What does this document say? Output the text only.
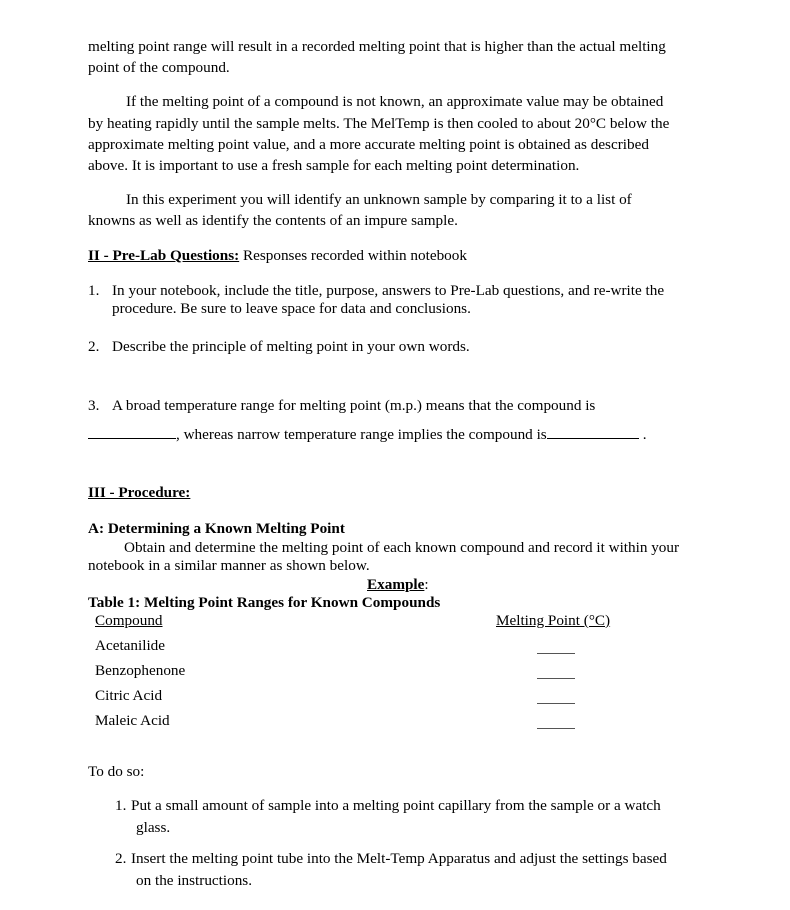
melting point range will result in a recorded melting point that is higher than the actual melting
point of the compound.
If the melting point of a compound is not known, an approximate value may be obtained
by heating rapidly until the sample melts. The MelTemp is then cooled to about 20°C below the
approximate melting point value, and a more accurate melting point is obtained as described
above. It is important to use a fresh sample for each melting point determination.
In this experiment you will identify an unknown sample by comparing it to a list of
knowns as well as identify the contents of an impure sample.
II - Pre-Lab Questions: Responses recorded within notebook
1. In your notebook, include the title, purpose, answers to Pre-Lab questions, and re-write the
procedure. Be sure to leave space for data and conclusions.
2. Describe the principle of melting point in your own words.
3. A broad temperature range for melting point (m.p.) means that the compound is
, whereas narrow temperature range implies the compound is	.
III - Procedure:
A: Determining a Known Melting Point
Obtain and determine the melting point of each known compound and record it within your
notebook in a similar manner as shown below.
Example:
Table 1: Melting Point Ranges for Known Compounds
Compound	Melting Point (°C)
Acetanilide
Benzophenone
Citric Acid
Maleic Acid
To do so:
1. Put a small amount of sample into a melting point capillary from the sample or a watch
glass.
2. Insert the melting point tube into the Melt-Temp Apparatus and adjust the settings based
on the instructions.
